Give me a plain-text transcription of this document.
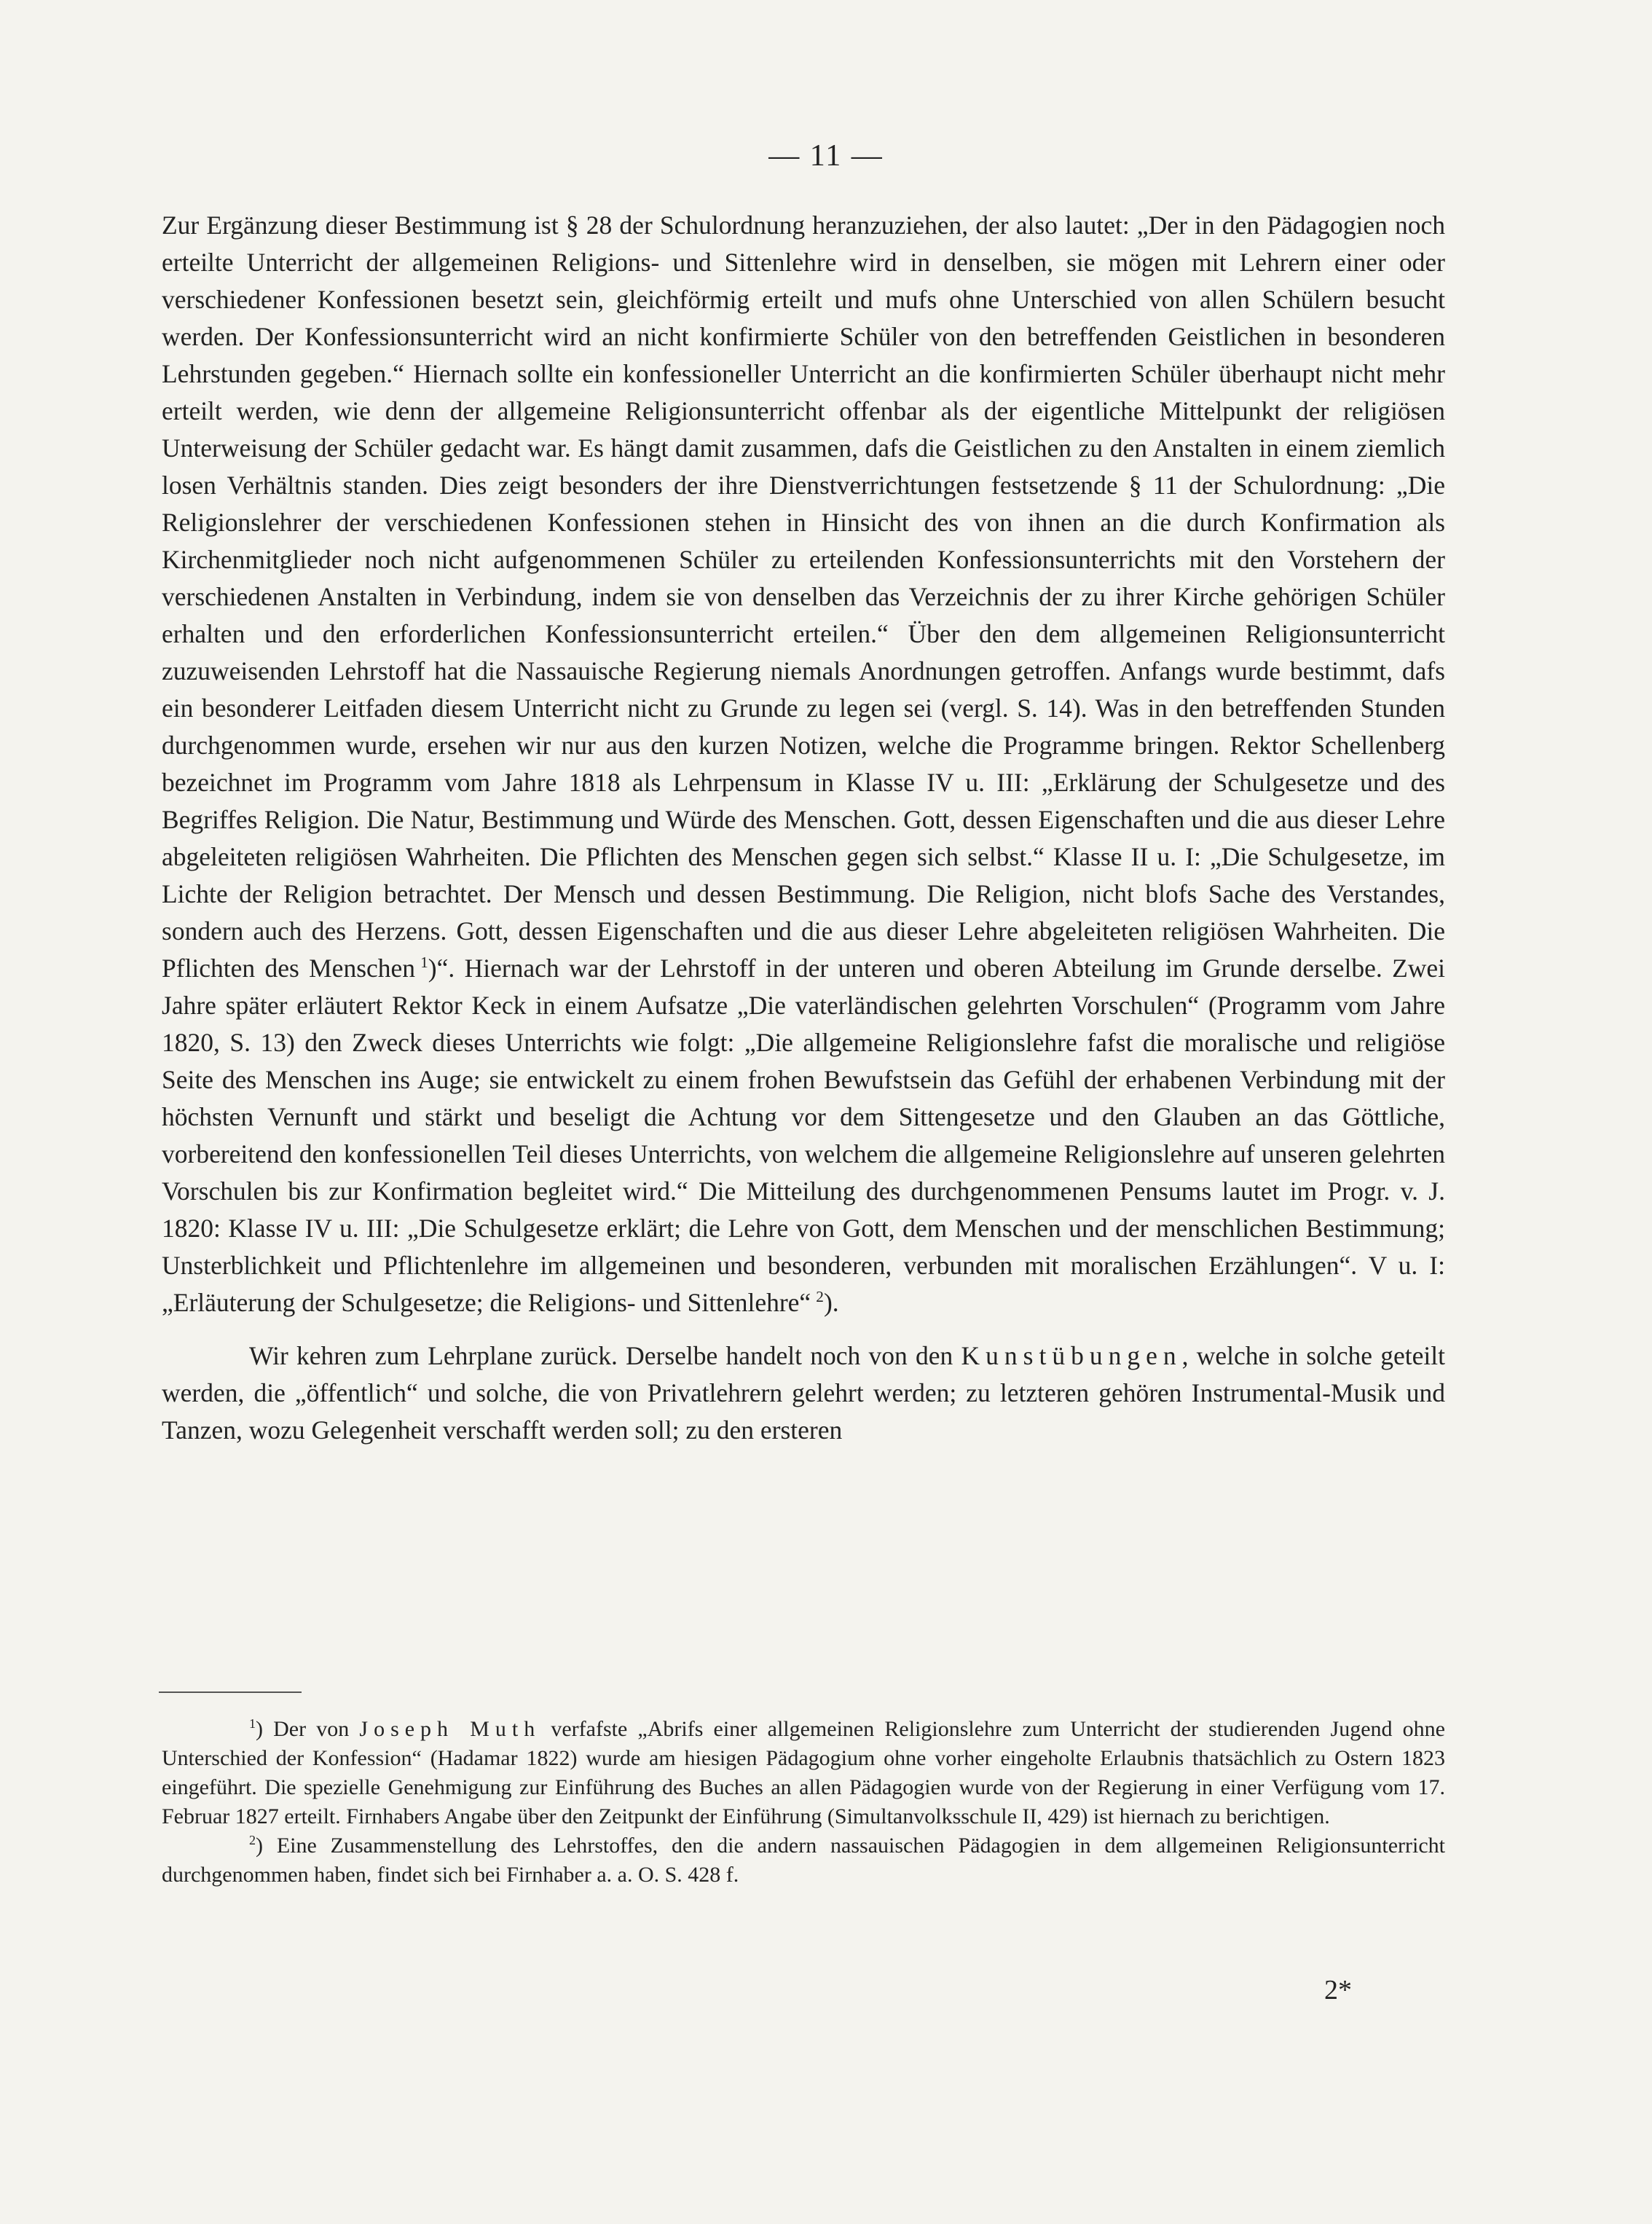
— 11 —

Zur Ergänzung dieser Bestimmung ist § 28 der Schulordnung heranzuziehen, der also lautet: „Der in den Pädagogien noch erteilte Unterricht der allgemeinen Religions- und Sittenlehre wird in denselben, sie mögen mit Lehrern einer oder verschiedener Konfessionen besetzt sein, gleichförmig erteilt und mufs ohne Unterschied von allen Schülern besucht werden. Der Konfessionsunterricht wird an nicht konfirmierte Schüler von den betreffenden Geistlichen in besonderen Lehrstunden gegeben.“ Hiernach sollte ein konfessioneller Unterricht an die konfirmierten Schüler überhaupt nicht mehr erteilt werden, wie denn der allgemeine Religionsunterricht offenbar als der eigentliche Mittelpunkt der religiösen Unterweisung der Schüler gedacht war. Es hängt damit zusammen, dafs die Geistlichen zu den Anstalten in einem ziemlich losen Verhältnis standen. Dies zeigt besonders der ihre Dienstverrichtungen festsetzende § 11 der Schulordnung: „Die Religionslehrer der verschiedenen Konfessionen stehen in Hinsicht des von ihnen an die durch Konfirmation als Kirchenmitglieder noch nicht aufgenommenen Schüler zu erteilenden Konfessionsunterrichts mit den Vorstehern der verschiedenen Anstalten in Verbindung, indem sie von denselben das Verzeichnis der zu ihrer Kirche gehörigen Schüler erhalten und den erforderlichen Konfessionsunterricht erteilen.“ Über den dem allgemeinen Religionsunterricht zuzuweisenden Lehrstoff hat die Nassauische Regierung niemals Anordnungen getroffen. Anfangs wurde bestimmt, dafs ein besonderer Leitfaden diesem Unterricht nicht zu Grunde zu legen sei (vergl. S. 14). Was in den betreffenden Stunden durchgenommen wurde, ersehen wir nur aus den kurzen Notizen, welche die Programme bringen. Rektor Schellenberg bezeichnet im Programm vom Jahre 1818 als Lehrpensum in Klasse IV u. III: „Erklärung der Schulgesetze und des Begriffes Religion. Die Natur, Bestimmung und Würde des Menschen. Gott, dessen Eigenschaften und die aus dieser Lehre abgeleiteten religiösen Wahrheiten. Die Pflichten des Menschen gegen sich selbst.“ Klasse II u. I: „Die Schulgesetze, im Lichte der Religion betrachtet. Der Mensch und dessen Bestimmung. Die Religion, nicht blofs Sache des Verstandes, sondern auch des Herzens. Gott, dessen Eigenschaften und die aus dieser Lehre abgeleiteten religiösen Wahrheiten. Die Pflichten des Menschen  $^1$)“. Hiernach war der Lehrstoff in der unteren und oberen Abteilung im Grunde derselbe. Zwei Jahre später erläutert Rektor Keck in einem Aufsatze „Die vaterländischen gelehrten Vorschulen“ (Programm vom Jahre 1820, S. 13) den Zweck dieses Unterrichts wie folgt: „Die allgemeine Religionslehre fafst die moralische und religiöse Seite des Menschen ins Auge; sie entwickelt zu einem frohen Bewufstsein das Gefühl der erhabenen Verbindung mit der höchsten Vernunft und stärkt und beseligt die Achtung vor dem Sittengesetze und den Glauben an das Göttliche, vorbereitend den konfessionellen Teil dieses Unterrichts, von welchem die allgemeine Religionslehre auf unseren gelehrten Vorschulen bis zur Konfirmation begleitet wird.“ Die Mitteilung des durchgenommenen Pensums lautet im Progr. v. J. 1820: Klasse IV u. III: „Die Schulgesetze erklärt; die Lehre von Gott, dem Menschen und der menschlichen Bestimmung; Unsterblichkeit und Pflichtenlehre im allgemeinen und besonderen, verbunden mit moralischen Erzählungen“. V u. I: „Erläuterung der Schulgesetze; die Religions- und Sittenlehre“  $^2$).

Wir kehren zum Lehrplane zurück. Derselbe handelt noch von den Kunstübungen, welche in solche geteilt werden, die „öffentlich“ und solche, die von Privatlehrern gelehrt werden; zu letzteren gehören Instrumental-Musik und Tanzen, wozu Gelegenheit verschafft werden soll; zu den ersteren

$^1$) Der von Joseph Muth verfafste „Abrifs einer allgemeinen Religionslehre zum Unterricht der studierenden Jugend ohne Unterschied der Konfession“ (Hadamar 1822) wurde am hiesigen Pädagogium ohne vorher eingeholte Erlaubnis thatsächlich zu Ostern 1823 eingeführt. Die spezielle Genehmigung zur Einführung des Buches an allen Pädagogien wurde von der Regierung in einer Verfügung vom 17. Februar 1827 erteilt. Firnhabers Angabe über den Zeitpunkt der Einführung (Simultanvolksschule II, 429) ist hiernach zu berichtigen.

$^2$) Eine Zusammenstellung des Lehrstoffes, den die andern nassauischen Pädagogien in dem allgemeinen Religionsunterricht durchgenommen haben, findet sich bei Firnhaber a. a. O. S. 428 f.

2*
